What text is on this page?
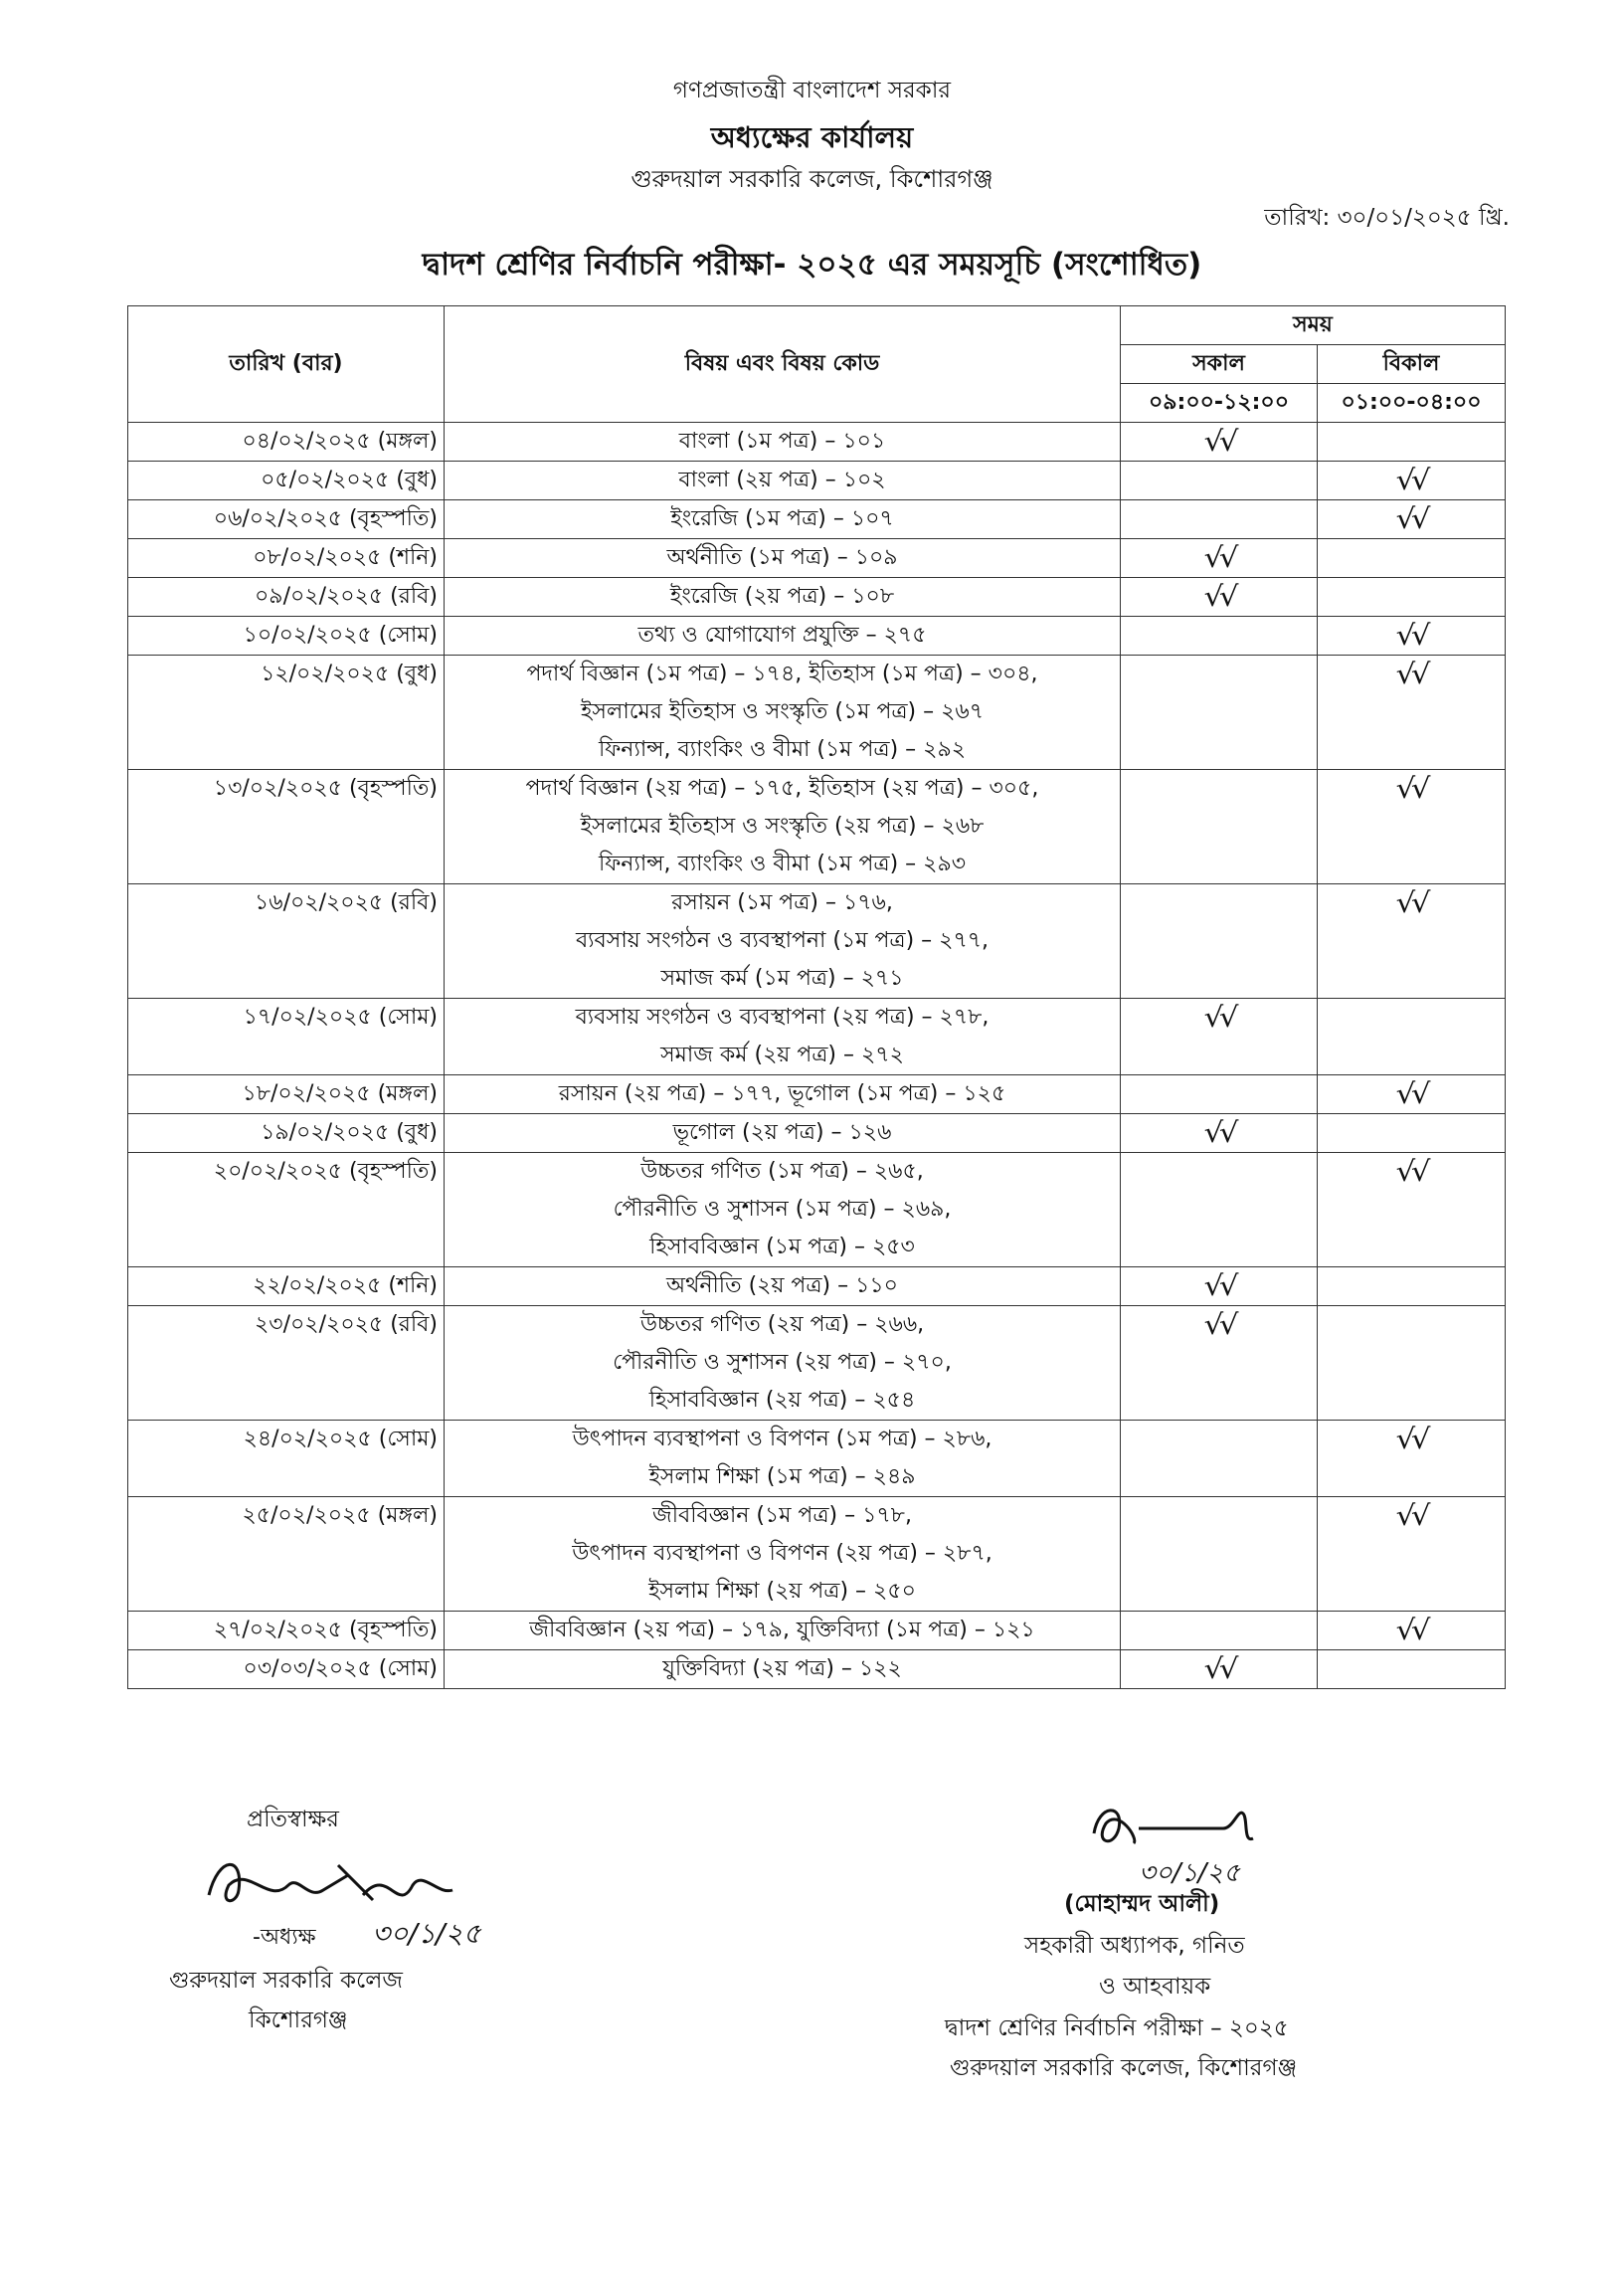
গণপ্রজাতন্ত্রী বাংলাদেশ সরকার
অধ্যক্ষের কার্যালয়
গুরুদয়াল সরকারি কলেজ, কিশোরগঞ্জ
তারিখ: ৩০/০১/২০২৫ খ্রি.
দ্বাদশ শ্রেণির নির্বাচনি পরীক্ষা- ২০২৫ এর সময়সূচি (সংশোধিত)
তারিখ (বার)	বিষয় এবং বিষয় কোড	সময়	
		সকাল	বিকাল
		০৯:০০-১২:০০	০১:০০-০৪:০০
০৪/০২/২০২৫ (মঙ্গল)	বাংলা (১ম পত্র) – ১০১	√√	
০৫/০২/২০২৫ (বুধ)	বাংলা (২য় পত্র) – ১০২		√√
০৬/০২/২০২৫ (বৃহস্পতি)	ইংরেজি (১ম পত্র) – ১০৭		√√
০৮/০২/২০২৫ (শনি)	অর্থনীতি (১ম পত্র) – ১০৯	√√	
০৯/০২/২০২৫ (রবি)	ইংরেজি (২য় পত্র) – ১০৮	√√	
১০/০২/২০২৫ (সোম)	তথ্য ও যোগাযোগ প্রযুক্তি – ২৭৫		√√
১২/০২/২০২৫ (বুধ)	পদার্থ বিজ্ঞান (১ম পত্র) – ১৭৪, ইতিহাস (১ম পত্র) – ৩০৪,
ইসলামের ইতিহাস ও সংস্কৃতি (১ম পত্র) – ২৬৭
ফিন্যান্স, ব্যাংকিং ও বীমা (১ম পত্র) – ২৯২		√√
১৩/০২/২০২৫ (বৃহস্পতি)	পদার্থ বিজ্ঞান (২য় পত্র) – ১৭৫, ইতিহাস (২য় পত্র) – ৩০৫,
ইসলামের ইতিহাস ও সংস্কৃতি (২য় পত্র) – ২৬৮
ফিন্যান্স, ব্যাংকিং ও বীমা (১ম পত্র) – ২৯৩		√√
১৬/০২/২০২৫ (রবি)	রসায়ন (১ম পত্র) – ১৭৬,
ব্যবসায় সংগঠন ও ব্যবস্থাপনা (১ম পত্র) – ২৭৭,
সমাজ কর্ম (১ম পত্র) – ২৭১		√√
১৭/০২/২০২৫ (সোম)	ব্যবসায় সংগঠন ও ব্যবস্থাপনা (২য় পত্র) – ২৭৮,
সমাজ কর্ম (২য় পত্র) – ২৭২	√√	
১৮/০২/২০২৫ (মঙ্গল)	রসায়ন (২য় পত্র) – ১৭৭, ভূগোল (১ম পত্র) – ১২৫		√√
১৯/০২/২০২৫ (বুধ)	ভূগোল (২য় পত্র) – ১২৬	√√	
২০/০২/২০২৫ (বৃহস্পতি)	উচ্চতর গণিত (১ম পত্র) – ২৬৫,
পৌরনীতি ও সুশাসন (১ম পত্র) – ২৬৯,
হিসাববিজ্ঞান (১ম পত্র) – ২৫৩		√√
২২/০২/২০২৫ (শনি)	অর্থনীতি (২য় পত্র) – ১১০	√√	
২৩/০২/২০২৫ (রবি)	উচ্চতর গণিত (২য় পত্র) – ২৬৬,
পৌরনীতি ও সুশাসন (২য় পত্র) – ২৭০,
হিসাববিজ্ঞান (২য় পত্র) – ২৫৪	√√	
২৪/০২/২০২৫ (সোম)	উৎপাদন ব্যবস্থাপনা ও বিপণন (১ম পত্র) – ২৮৬,
ইসলাম শিক্ষা (১ম পত্র) – ২৪৯		√√
২৫/০২/২০২৫ (মঙ্গল)	জীববিজ্ঞান (১ম পত্র) – ১৭৮,
উৎপাদন ব্যবস্থাপনা ও বিপণন (২য় পত্র) – ২৮৭,
ইসলাম শিক্ষা (২য় পত্র) – ২৫০		√√
২৭/০২/২০২৫ (বৃহস্পতি)	জীববিজ্ঞান (২য় পত্র) – ১৭৯, যুক্তিবিদ্যা (১ম পত্র) – ১২১		√√
০৩/০৩/২০২৫ (সোম)	যুক্তিবিদ্যা (২য় পত্র) – ১২২	√√	
প্রতিস্বাক্ষর
৩০/১/২৫
-অধ্যক্ষ
গুরুদয়াল সরকারি কলেজ
কিশোরগঞ্জ
৩০/১/২৫
(মোহাম্মদ আলী)
সহকারী অধ্যাপক, গনিত
ও আহবায়ক
দ্বাদশ শ্রেণির নির্বাচনি পরীক্ষা – ২০২৫
গুরুদয়াল সরকারি কলেজ, কিশোরগঞ্জ
